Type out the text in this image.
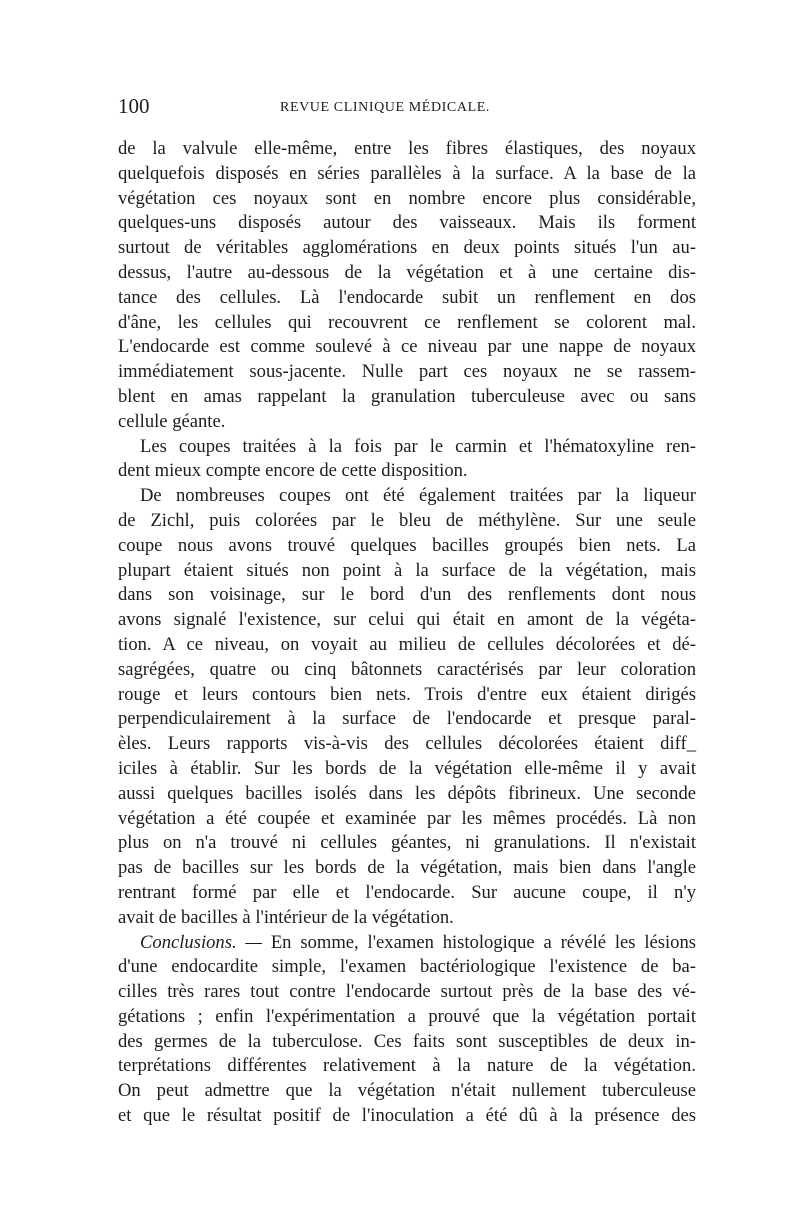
100	REVUE CLINIQUE MÉDICALE.
de la valvule elle-même, entre les fibres élastiques, des noyaux
quelquefois disposés en séries parallèles à la surface. A la base de la
végétation ces noyaux sont en nombre encore plus considérable,
quelques-uns disposés autour des vaisseaux. Mais ils forment
surtout de véritables agglomérations en deux points situés l'un au-
dessus, l'autre au-dessous de la végétation et à une certaine dis-
tance des cellules. Là l'endocarde subit un renflement en dos
d'âne, les cellules qui recouvrent ce renflement se colorent mal.
L'endocarde est comme soulevé à ce niveau par une nappe de noyaux
immédiatement sous-jacente. Nulle part ces noyaux ne se rassem-
blent en amas rappelant la granulation tuberculeuse avec ou sans
cellule géante.
Les coupes traitées à la fois par le carmin et l'hématoxyline ren-
dent mieux compte encore de cette disposition.
De nombreuses coupes ont été également traitées par la liqueur
de Zichl, puis colorées par le bleu de méthylène. Sur une seule
coupe nous avons trouvé quelques bacilles groupés bien nets. La
plupart étaient situés non point à la surface de la végétation, mais
dans son voisinage, sur le bord d'un des renflements dont nous
avons signalé l'existence, sur celui qui était en amont de la végéta-
tion. A ce niveau, on voyait au milieu de cellules décolorées et dé-
sagrégées, quatre ou cinq bâtonnets caractérisés par leur coloration
rouge et leurs contours bien nets. Trois d'entre eux étaient dirigés
perpendiculairement à la surface de l'endocarde et presque paral-
èles. Leurs rapports vis-à-vis des cellules décolorées étaient diff_
iciles à établir. Sur les bords de la végétation elle-même il y avait
aussi quelques bacilles isolés dans les dépôts fibrineux. Une seconde
végétation a été coupée et examinée par les mêmes procédés. Là non
plus on n'a trouvé ni cellules géantes, ni granulations. Il n'existait
pas de bacilles sur les bords de la végétation, mais bien dans l'angle
rentrant formé par elle et l'endocarde. Sur aucune coupe, il n'y
avait de bacilles à l'intérieur de la végétation.
Conclusions. — En somme, l'examen histologique a révélé les lésions
d'une endocardite simple, l'examen bactériologique l'existence de ba-
cilles très rares tout contre l'endocarde surtout près de la base des vé-
gétations ; enfin l'expérimentation a prouvé que la végétation portait
des germes de la tuberculose. Ces faits sont susceptibles de deux in-
terprétations différentes relativement à la nature de la végétation.
On peut admettre que la végétation n'était nullement tuberculeuse
et que le résultat positif de l'inoculation a été dû à la présence des
